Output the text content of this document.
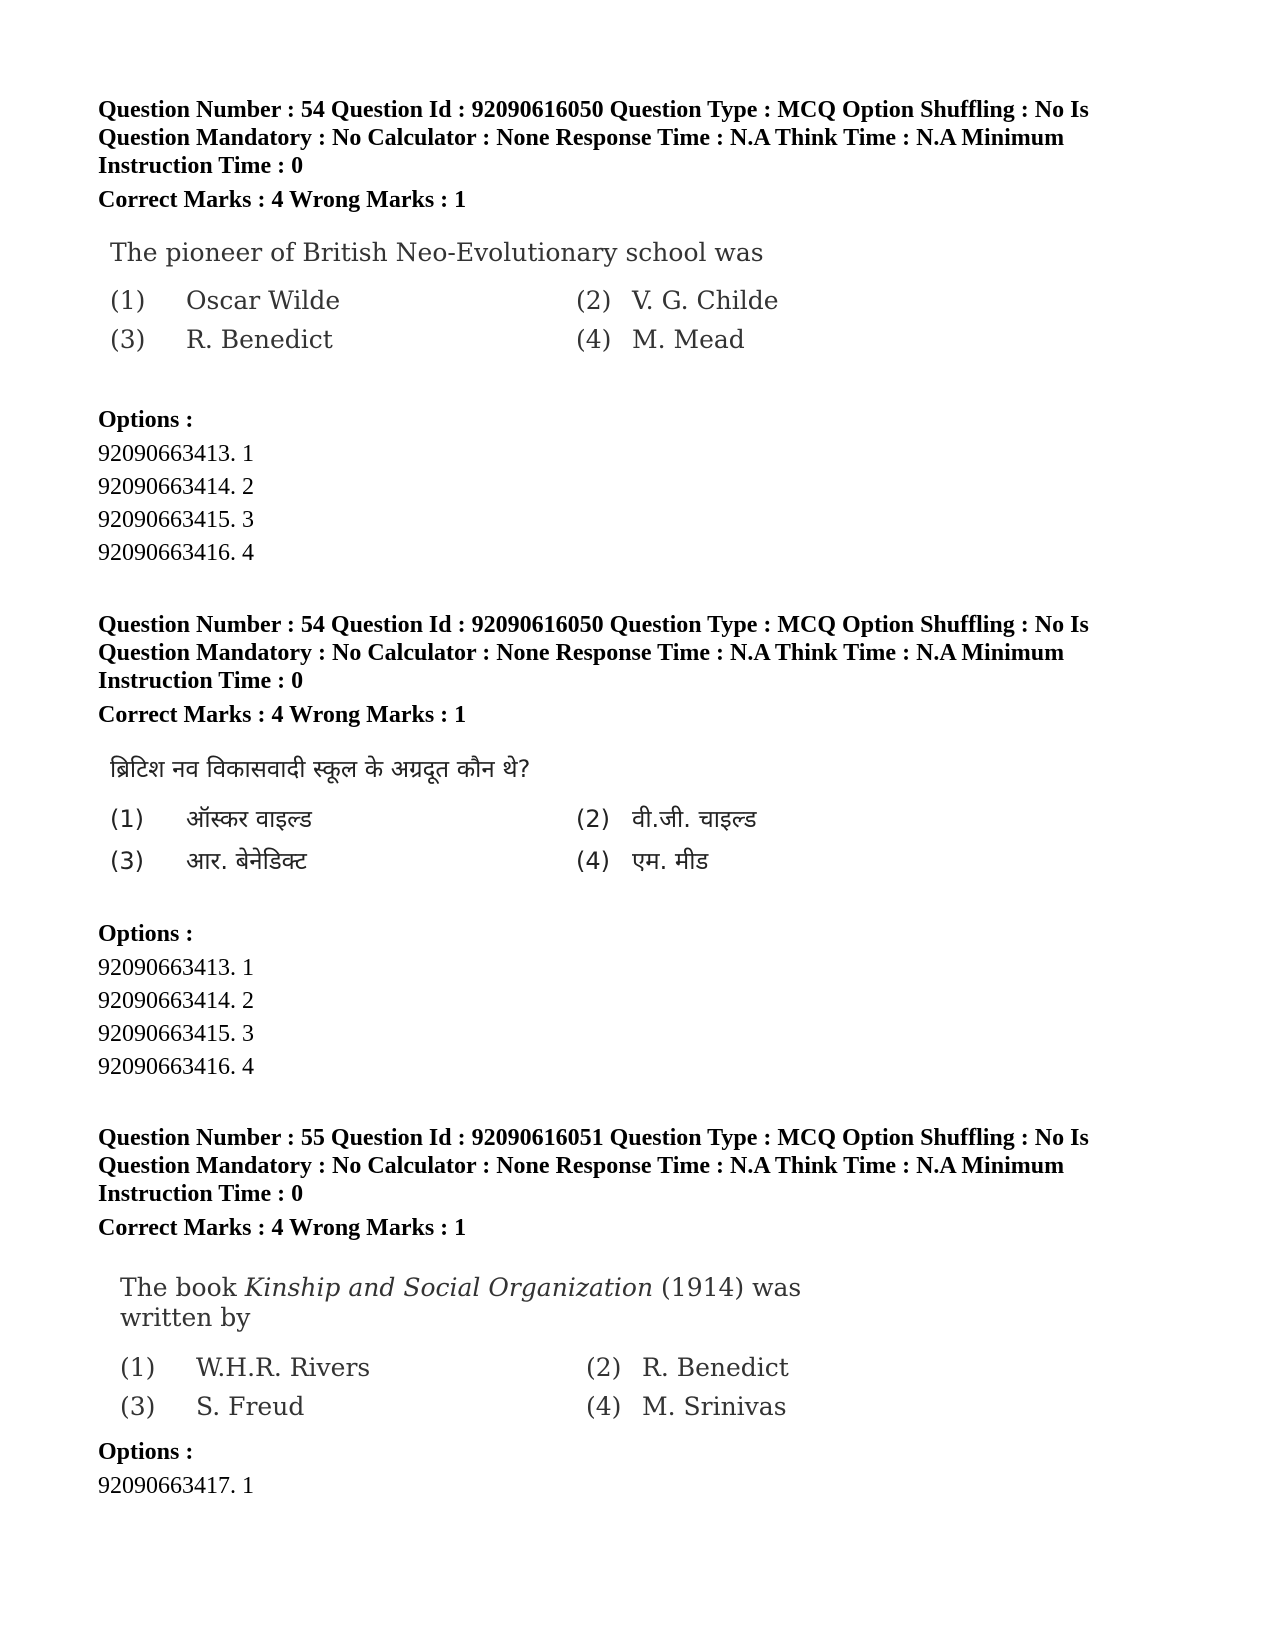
Question Number : 54 Question Id : 92090616050 Question Type : MCQ Option Shuffling : No Is

Question Mandatory : No Calculator : None Response Time : N.A Think Time : N.A Minimum

Instruction Time : 0

Correct Marks : 4 Wrong Marks : 1

The pioneer of British Neo-Evolutionary school was

(1) Oscar Wilde	(2) V. G. Childe
(3) R. Benedict	(4) M. Mead

Options :

92090663413. 1

92090663414. 2

92090663415. 3

92090663416. 4

Question Number : 54 Question Id : 92090616050 Question Type : MCQ Option Shuffling : No Is

Question Mandatory : No Calculator : None Response Time : N.A Think Time : N.A Minimum

Instruction Time : 0

Correct Marks : 4 Wrong Marks : 1

ब्रिटिश नव विकासवादी स्कूल के अग्रदूत कौन थे?

(1) ऑस्कर वाइल्ड	(2) वी.जी. चाइल्ड
(3) आर. बेनेडिक्ट	(4) एम. मीड

Options :

92090663413. 1

92090663414. 2

92090663415. 3

92090663416. 4

Question Number : 55 Question Id : 92090616051 Question Type : MCQ Option Shuffling : No Is

Question Mandatory : No Calculator : None Response Time : N.A Think Time : N.A Minimum

Instruction Time : 0

Correct Marks : 4 Wrong Marks : 1

The book Kinship and Social Organization (1914) was written by

(1) W.H.R. Rivers	(2) R. Benedict
(3) S. Freud	(4) M. Srinivas

Options :

92090663417. 1
